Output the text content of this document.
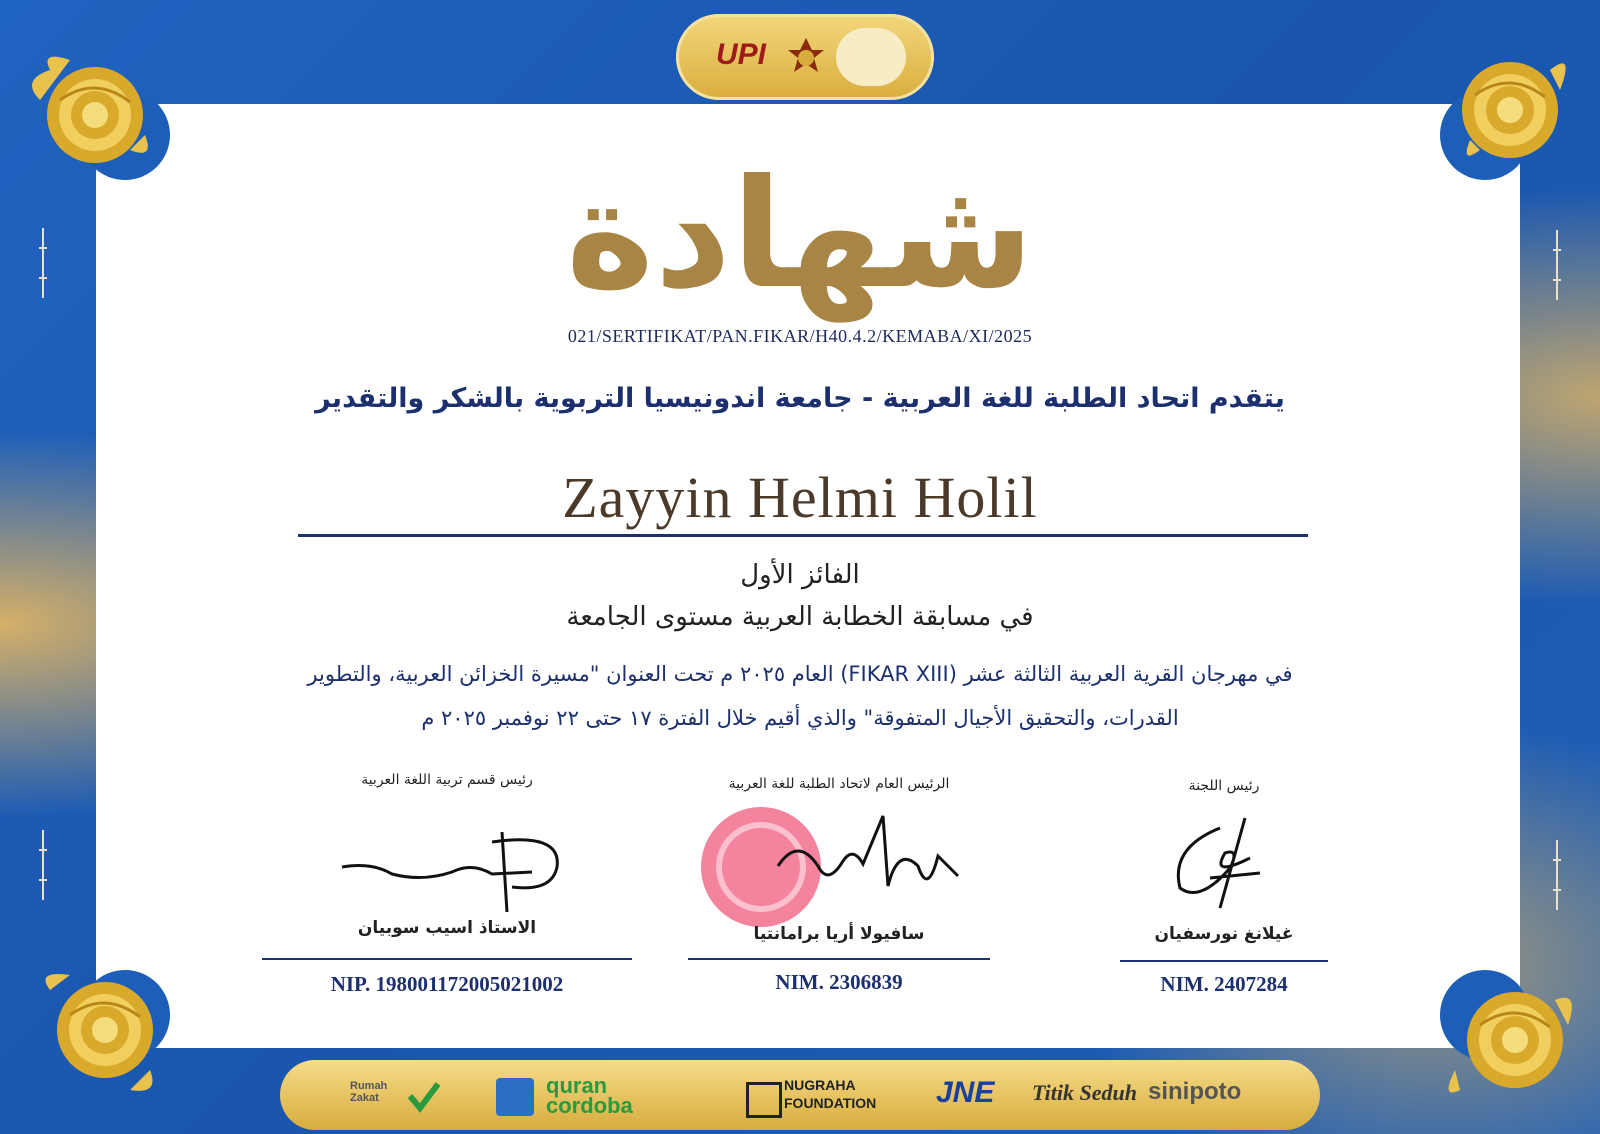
UPI
شهادة
021/SERTIFIKAT/PAN.FIKAR/H40.4.2/KEMABA/XI/2025
يتقدم اتحاد الطلبة للغة العربية - جامعة اندونيسيا التربوية بالشكر والتقدير
Zayyin Helmi Holil
الفائز الأول
في مسابقة الخطابة العربية مستوى الجامعة
في مهرجان القرية العربية الثالثة عشر (FIKAR XIII) العام ٢٠٢٥ م تحت العنوان "مسيرة الخزائن العربية، والتطوير
القدرات، والتحقيق الأجيال المتفوقة" والذي أقيم خلال الفترة ١٧ حتى ٢٢ نوفمبر ٢٠٢٥ م
رئيس قسم تربية اللغة العربية
الاستاذ اسيب سوبيان
NIP. 198001172005021002
الرئيس العام لاتحاد الطلبة للغة العربية
سافيولا أريا برامانتيا
NIM. 2306839
رئيس اللجنة
غيلانغ نورسفيان
NIM. 2407284
Rumah Zakat	quran cordoba
NUGRAHA FOUNDATION JNE Titik Seduh sinipoto
